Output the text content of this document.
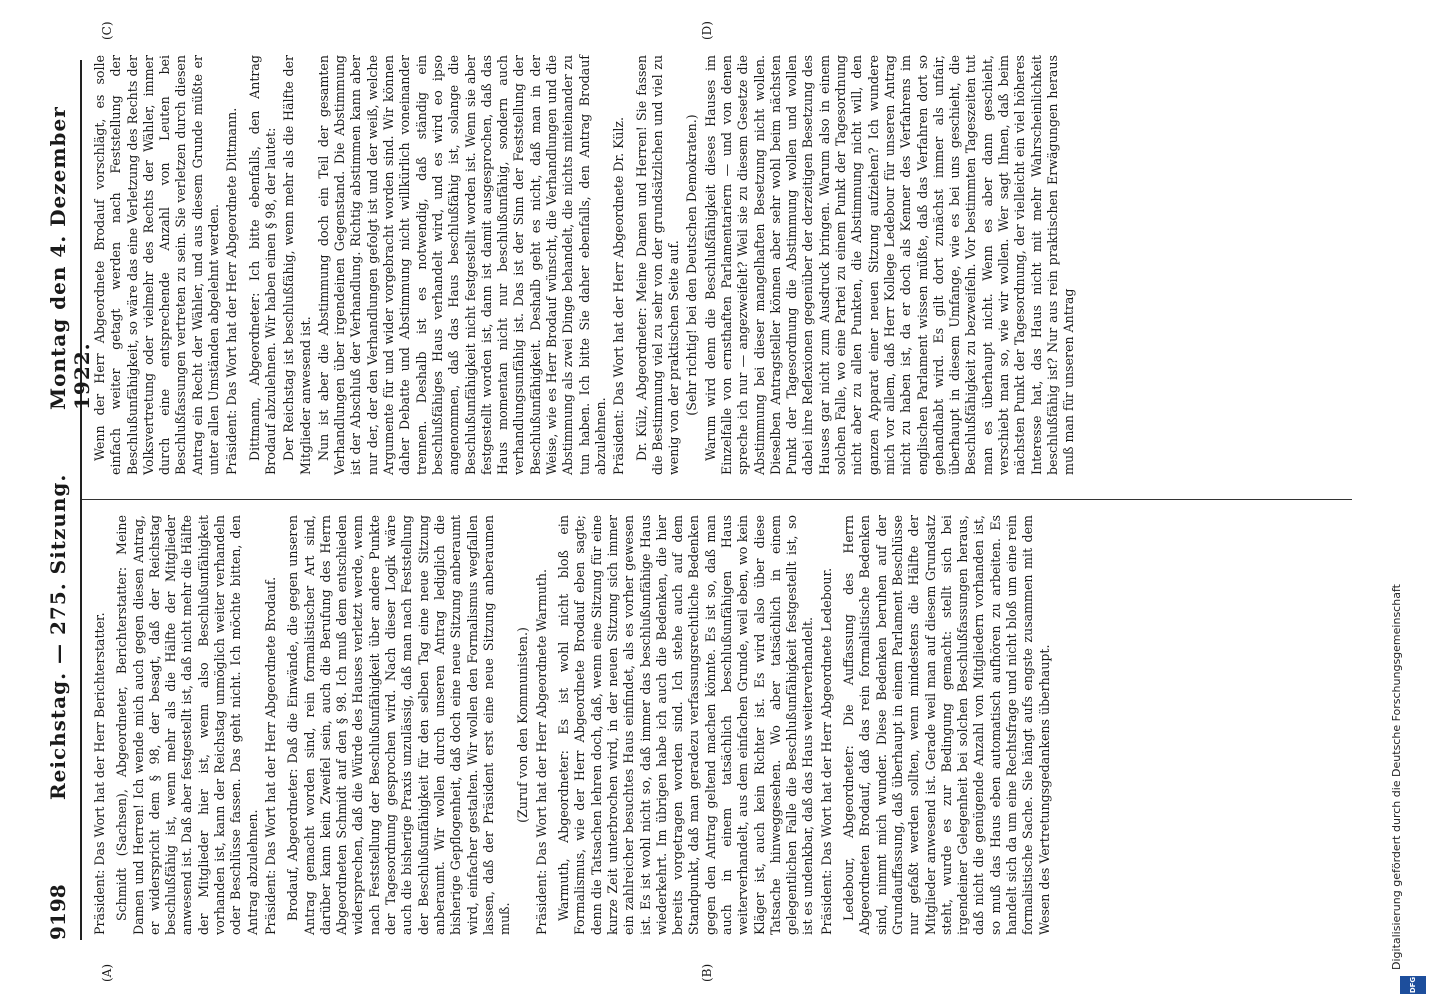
9198
Reichstag. — 275. Sitzung.
Montag den 4. Dezember 1922.
(A)	(B)
(C)	(D)

Präsident: Das Wort hat der Herr Berichterstatter. Schmidt (Sachsen), Abgeordneter, Berichterstatter: Meine Damen und Herren! Ich wende mich auch gegen diesen Antrag, er widerspricht dem § 98, der besagt, daß der Reichstag beschlußfähig ist, wenn mehr als die Hälfte der Mitglieder anwesend ist. Daß aber festgestellt ist, daß nicht mehr die Hälfte der Mitglieder hier ist, wenn also Beschlußunfähigkeit vorhanden ist, kann der Reichstag unmöglich weiter verhandeln oder Beschlüsse fassen. Das geht nicht. Ich möchte bitten, den Antrag abzulehnen. Präsident: Das Wort hat der Herr Abgeordnete Brodauf. Brodauf, Abgeordneter: Daß die Einwände, die gegen unseren Antrag gemacht worden sind, rein formalistischer Art sind, darüber kann kein Zweifel sein, auch die Berufung des Herrn Abgeordneten Schmidt auf den § 98. Ich muß dem entschieden widersprechen, daß die Würde des Hauses verletzt werde, wenn nach Feststellung der Beschlußunfähigkeit über andere Punkte der Tagesordnung gesprochen wird. Nach dieser Logik wäre auch die bisherige Praxis unzulässig, daß man nach Feststellung der Beschlußunfähigkeit für den selben Tag eine neue Sitzung anberaumt. Wir wollen durch unseren Antrag lediglich die bisherige Gepflogenheit, daß doch eine neue Sitzung anberaumt wird, einfacher gestalten. Wir wollen den Formalismus wegfallen lassen, daß der Präsident erst eine neue Sitzung anberaumen muß.

(Zuruf von den Kommunisten.) Präsident: Das Wort hat der Herr Abgeordnete Warmuth. Warmuth, Abgeordneter: Es ist wohl nicht bloß ein Formalismus, wie der Herr Abgeordnete Brodauf eben sagte; denn die Tatsachen lehren doch, daß, wenn eine Sitzung für eine kurze Zeit unterbrochen wird, in der neuen Sitzung sich immer ein zahlreicher besuchtes Haus einfindet, als es vorher gewesen ist. Es ist wohl nicht so, daß immer das beschlußunfähige Haus wiederkehrt. Im übrigen habe ich auch die Bedenken, die hier bereits vorgetragen worden sind. Ich stehe auch auf dem Standpunkt, daß man geradezu verfassungsrechtliche Bedenken gegen den Antrag geltend machen könnte. Es ist so, daß man auch in einem tatsächlich beschlußunfähigen Haus weiterverhandelt, aus dem einfachen Grunde, weil eben, wo kein Kläger ist, auch kein Richter ist. Es wird also über diese Tatsache hinweggesehen. Wo aber tatsächlich in einem gelegentlichen Falle die Beschlußunfähigkeit festgestellt ist, so ist es undenkbar, daß das Haus weiterverhandelt. Präsident: Das Wort hat der Herr Abgeordnete Ledebour. Ledebour, Abgeordneter: Die Auffassung des Herrn Abgeordneten Brodauf, daß das rein formalistische Bedenken sind, nimmt mich wunder. Diese Bedenken beruhen auf der Grundauffassung, daß überhaupt in einem Parlament Beschlüsse nur gefaßt werden sollten, wenn mindestens die Hälfte der Mitglieder anwesend ist. Gerade weil man auf diesem Grundsatz steht, wurde es zur Bedingung gemacht: stellt sich bei irgendeiner Gelegenheit bei solchen Beschlußfassungen heraus, daß nicht die genügende Anzahl von Mitgliedern vorhanden ist, so muß das Haus eben automatisch aufhören zu arbeiten. Es handelt sich da um eine Rechtsfrage und nicht bloß um eine rein formalistische Sache. Sie hängt aufs engste zusammen mit dem Wesen des Vertretungsgedankens überhaupt.

Wenn der Herr Abgeordnete Brodauf vorschlägt, es solle einfach weiter getagt werden nach Feststellung der Beschlußunfähigkeit, so wäre das eine Verletzung des Rechts der Volksvertretung oder vielmehr des Rechts der Wähler, immer durch eine entsprechende Anzahl von Leuten bei Beschlußfassungen vertreten zu sein. Sie verletzen durch diesen Antrag ein Recht der Wähler, und aus diesem Grunde müßte er unter allen Umständen abgelehnt werden. Präsident: Das Wort hat der Herr Abgeordnete Dittmann. Dittmann, Abgeordneter: Ich bitte ebenfalls, den Antrag Brodauf abzulehnen. Wir haben einen § 98, der lautet: Der Reichstag ist beschlußfähig, wenn mehr als die Hälfte der Mitglieder anwesend ist. Nun ist aber die Abstimmung doch ein Teil der gesamten Verhandlungen über irgendeinen Gegenstand. Die Abstimmung ist der Abschluß der Verhandlung. Richtig abstimmen kann aber nur der, der den Verhandlungen gefolgt ist und der weiß, welche Argumente für und wider vorgebracht worden sind. Wir können daher Debatte und Abstimmung nicht willkürlich voneinander trennen. Deshalb ist es notwendig, daß ständig ein beschlußfähiges Haus verhandelt wird, und es wird eo ipso angenommen, daß das Haus beschlußfähig ist, solange die Beschlußunfähigkeit nicht festgestellt worden ist. Wenn sie aber festgestellt worden ist, dann ist damit ausgesprochen, daß das Haus momentan nicht nur beschlußunfähig, sondern auch verhandlungsunfähig ist. Das ist der Sinn der Feststellung der Beschlußunfähigkeit. Deshalb geht es nicht, daß man in der Weise, wie es Herr Brodauf wünscht, die Verhandlungen und die Abstimmung als zwei Dinge behandelt, die nichts miteinander zu tun haben. Ich bitte Sie daher ebenfalls, den Antrag Brodauf abzulehnen. Präsident: Das Wort hat der Herr Abgeordnete Dr. Külz. Dr. Külz, Abgeordneter: Meine Damen und Herren! Sie fassen die Bestimmung viel zu sehr von der grundsätzlichen und viel zu wenig von der praktischen Seite auf. (Sehr richtig! bei den Deutschen Demokraten.) Warum wird denn die Beschlußfähigkeit dieses Hauses im Einzelfalle von ernsthaften Parlamentariern — und von denen spreche ich nur — angezweifelt? Weil sie zu diesem Gesetze die Abstimmung bei dieser mangelhaften Besetzung nicht wollen. Dieselben Antragsteller können aber sehr wohl beim nächsten Punkt der Tagesordnung die Abstimmung wollen und wollen dabei ihre Reflexionen gegenüber der derzeitigen Besetzung des Hauses gar nicht zum Ausdruck bringen. Warum also in einem solchen Falle, wo eine Partei zu einem Punkt der Tagesordnung nicht aber zu allen Punkten, die Abstimmung nicht will, den ganzen Apparat einer neuen Sitzung aufziehen? Ich wundere mich vor allem, daß Herr Kollege Ledebour für unseren Antrag nicht zu haben ist, da er doch als Kenner des Verfahrens im englischen Parlament wissen müßte, daß das Verfahren dort so gehandhabt wird. Es gilt dort zunächst immer als unfair, überhaupt in diesem Umfange, wie es bei uns geschieht, die Beschlußfähigkeit zu bezweifeln. Vor bestimmten Tageszeiten tut man es überhaupt nicht. Wenn es aber dann geschieht, verschiebt man so, wie wir wollen. Wer sagt Ihnen, daß beim nächsten Punkt der Tagesordnung, der vielleicht ein viel höheres Interesse hat, das Haus nicht mit mehr Wahrscheinlichkeit beschlußfähig ist? Nur aus rein praktischen Erwägungen heraus muß man für unseren Antrag

Digitalisierung gefördert durch die Deutsche Forschungsgemeinschaft
DFG
